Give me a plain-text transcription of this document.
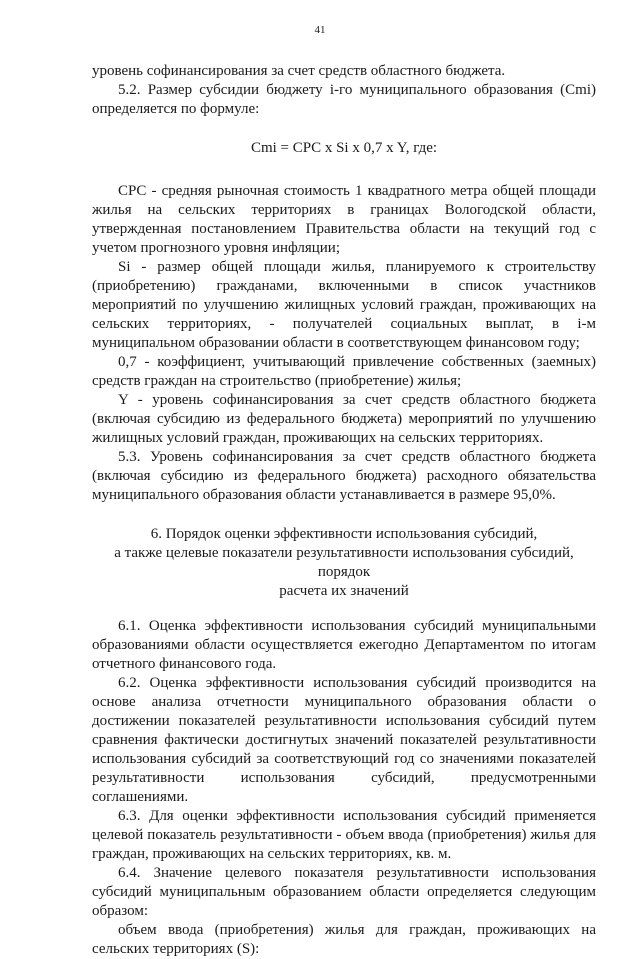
41

уровень софинансирования за счет средств областного бюджета.

5.2. Размер субсидии бюджету i-го муниципального образования (Cmi) определяется по формуле:

Cmi = CPC x Si x 0,7 x Y, где:

CPC - средняя рыночная стоимость 1 квадратного метра общей площади жилья на сельских территориях в границах Вологодской области, утвержденная постановлением Правительства области на текущий год с учетом прогнозного уровня инфляции;

Si - размер общей площади жилья, планируемого к строительству (приобретению) гражданами, включенными в список участников мероприятий по улучшению жилищных условий граждан, проживающих на сельских территориях, - получателей социальных выплат, в i-м муниципальном образовании области в соответствующем финансовом году;

0,7 - коэффициент, учитывающий привлечение собственных (заемных) средств граждан на строительство (приобретение) жилья;

Y - уровень софинансирования за счет средств областного бюджета (включая субсидию из федерального бюджета) мероприятий по улучшению жилищных условий граждан, проживающих на сельских территориях.

5.3. Уровень софинансирования за счет средств областного бюджета (включая субсидию из федерального бюджета) расходного обязательства муниципального образования области устанавливается в размере 95,0%.

6. Порядок оценки эффективности использования субсидий,
а также целевые показатели результативности использования субсидий, порядок
расчета их значений

6.1. Оценка эффективности использования субсидий муниципальными образованиями области осуществляется ежегодно Департаментом по итогам отчетного финансового года.

6.2. Оценка эффективности использования субсидий производится на основе анализа отчетности муниципального образования области о достижении показателей результативности использования субсидий путем сравнения фактически достигнутых значений показателей результативности использования субсидий за соответствующий год со значениями показателей результативности использования субсидий, предусмотренными соглашениями.

6.3. Для оценки эффективности использования субсидий применяется целевой показатель результативности - объем ввода (приобретения) жилья для граждан, проживающих на сельских территориях, кв. м.

6.4. Значение целевого показателя результативности использования субсидий муниципальным образованием области определяется следующим образом:

объем ввода (приобретения) жилья для граждан, проживающих на сельских территориях (S):
